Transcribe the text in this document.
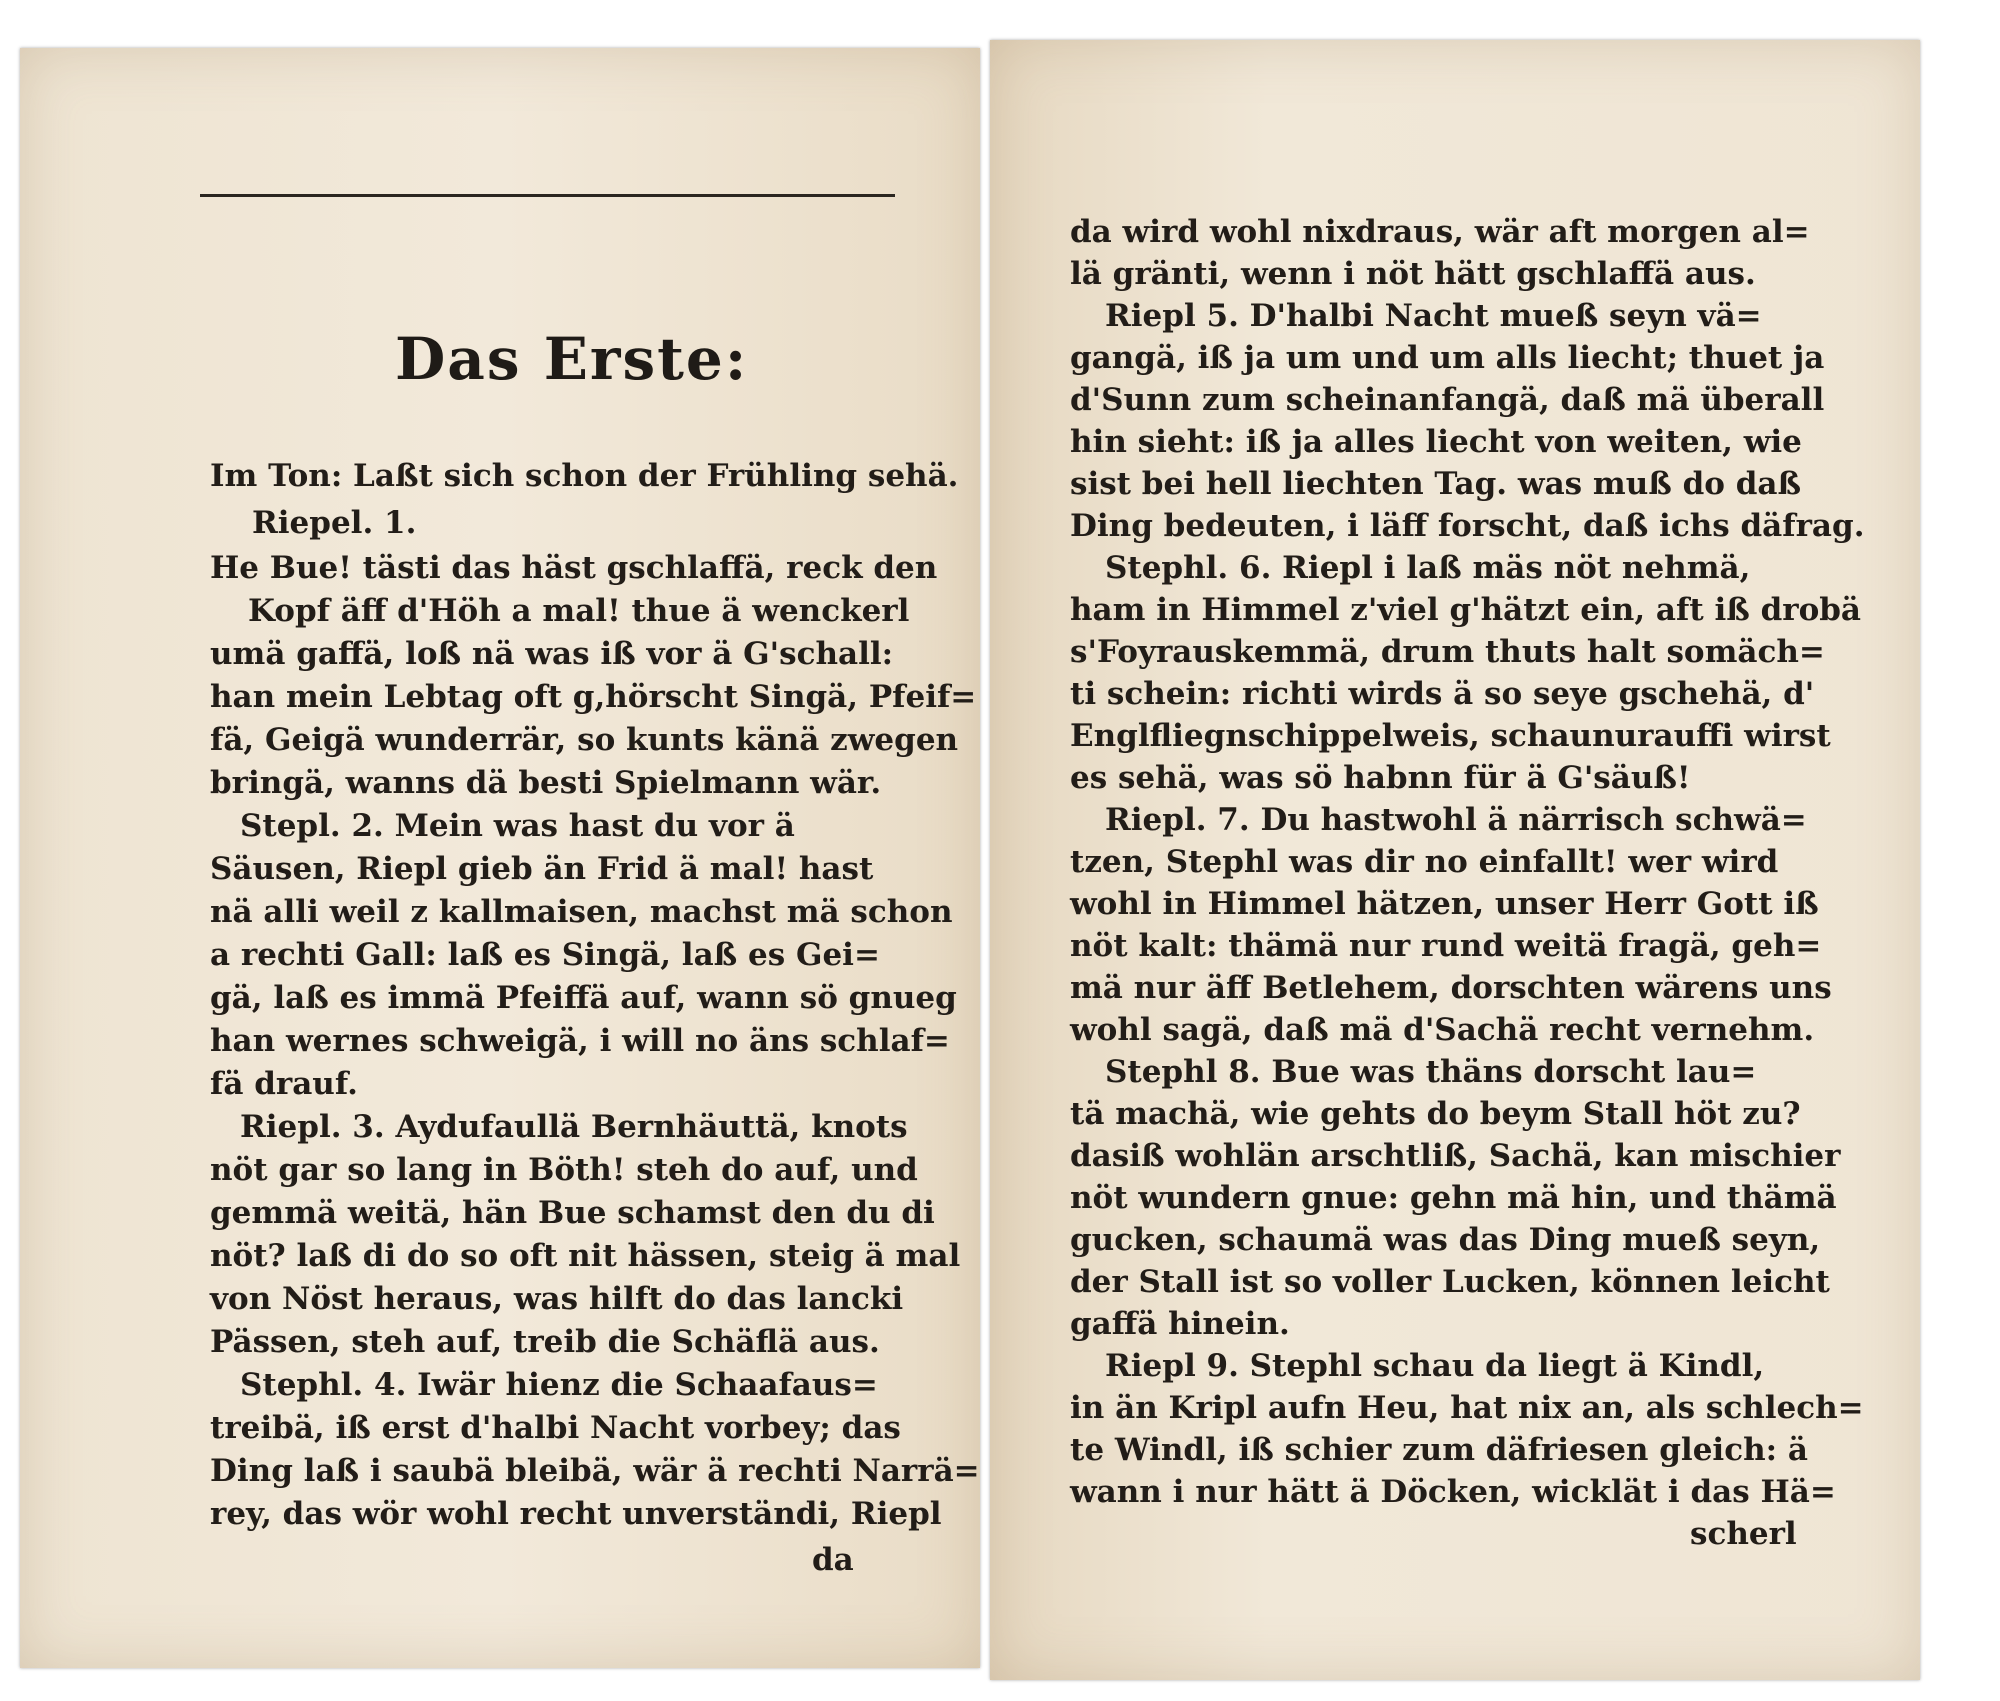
Das Erste:
Im Ton: Laßt sich schon der Frühling sehä.
Riepel. 1.
He Bue! tästi das häst gschlaffä, reck den
Kopf äff d'Höh a mal! thue ä wenckerl
umä gaffä, loß nä was iß vor ä G'schall:
han mein Lebtag oft g,hörscht Singä, Pfeif=
fä, Geigä wunderrär, so kunts känä zwegen
bringä, wanns dä besti Spielmann wär.
Stepl. 2. Mein was hast du vor ä
Säusen, Riepl gieb än Frid ä mal! hast
nä alli weil z kallmaisen, machst mä schon
a rechti Gall: laß es Singä, laß es Gei=
gä, laß es immä Pfeiffä auf, wann sö gnueg
han wernes schweigä, i will no äns schlaf=
fä drauf.
Riepl. 3. Aydufaullä Bernhäuttä, knots
nöt gar so lang in Böth! steh do auf, und
gemmä weitä, hän Bue schamst den du di
nöt? laß di do so oft nit hässen, steig ä mal
von Nöst heraus, was hilft do das lancki
Pässen, steh auf, treib die Schäflä aus.
Stephl. 4. Iwär hienz die Schaafaus=
treibä, iß erst d'halbi Nacht vorbey; das
Ding laß i saubä bleibä, wär ä rechti Narrä=
rey, das wör wohl recht unverständi, Riepl
da
da wird wohl nixdraus, wär aft morgen al=
lä gränti, wenn i nöt hätt gschlaffä aus.
Riepl 5. D'halbi Nacht mueß seyn vä=
gangä, iß ja um und um alls liecht; thuet ja
d'Sunn zum scheinanfangä, daß mä überall
hin sieht: iß ja alles liecht von weiten, wie
sist bei hell liechten Tag. was muß do daß
Ding bedeuten, i läff forscht, daß ichs däfrag.
Stephl. 6. Riepl i laß mäs nöt nehmä,
ham in Himmel z'viel g'hätzt ein, aft iß drobä
s'Foyrauskemmä, drum thuts halt somäch=
ti schein: richti wirds ä so seye gschehä, d'
Englfliegnschippelweis, schaunurauffi wirst
es sehä, was sö habnn für ä G'säuß!
Riepl. 7. Du hastwohl ä närrisch schwä=
tzen, Stephl was dir no einfallt! wer wird
wohl in Himmel hätzen, unser Herr Gott iß
nöt kalt: thämä nur rund weitä fragä, geh=
mä nur äff Betlehem, dorschten wärens uns
wohl sagä, daß mä d'Sachä recht vernehm.
Stephl 8. Bue was thäns dorscht lau=
tä machä, wie gehts do beym Stall höt zu?
dasiß wohlän arschtliß, Sachä, kan mischier
nöt wundern gnue: gehn mä hin, und thämä
gucken, schaumä was das Ding mueß seyn,
der Stall ist so voller Lucken, können leicht
gaffä hinein.
Riepl 9. Stephl schau da liegt ä Kindl,
in än Kripl aufn Heu, hat nix an, als schlech=
te Windl, iß schier zum däfriesen gleich: ä
wann i nur hätt ä Döcken, wicklät i das Hä=
scherl
